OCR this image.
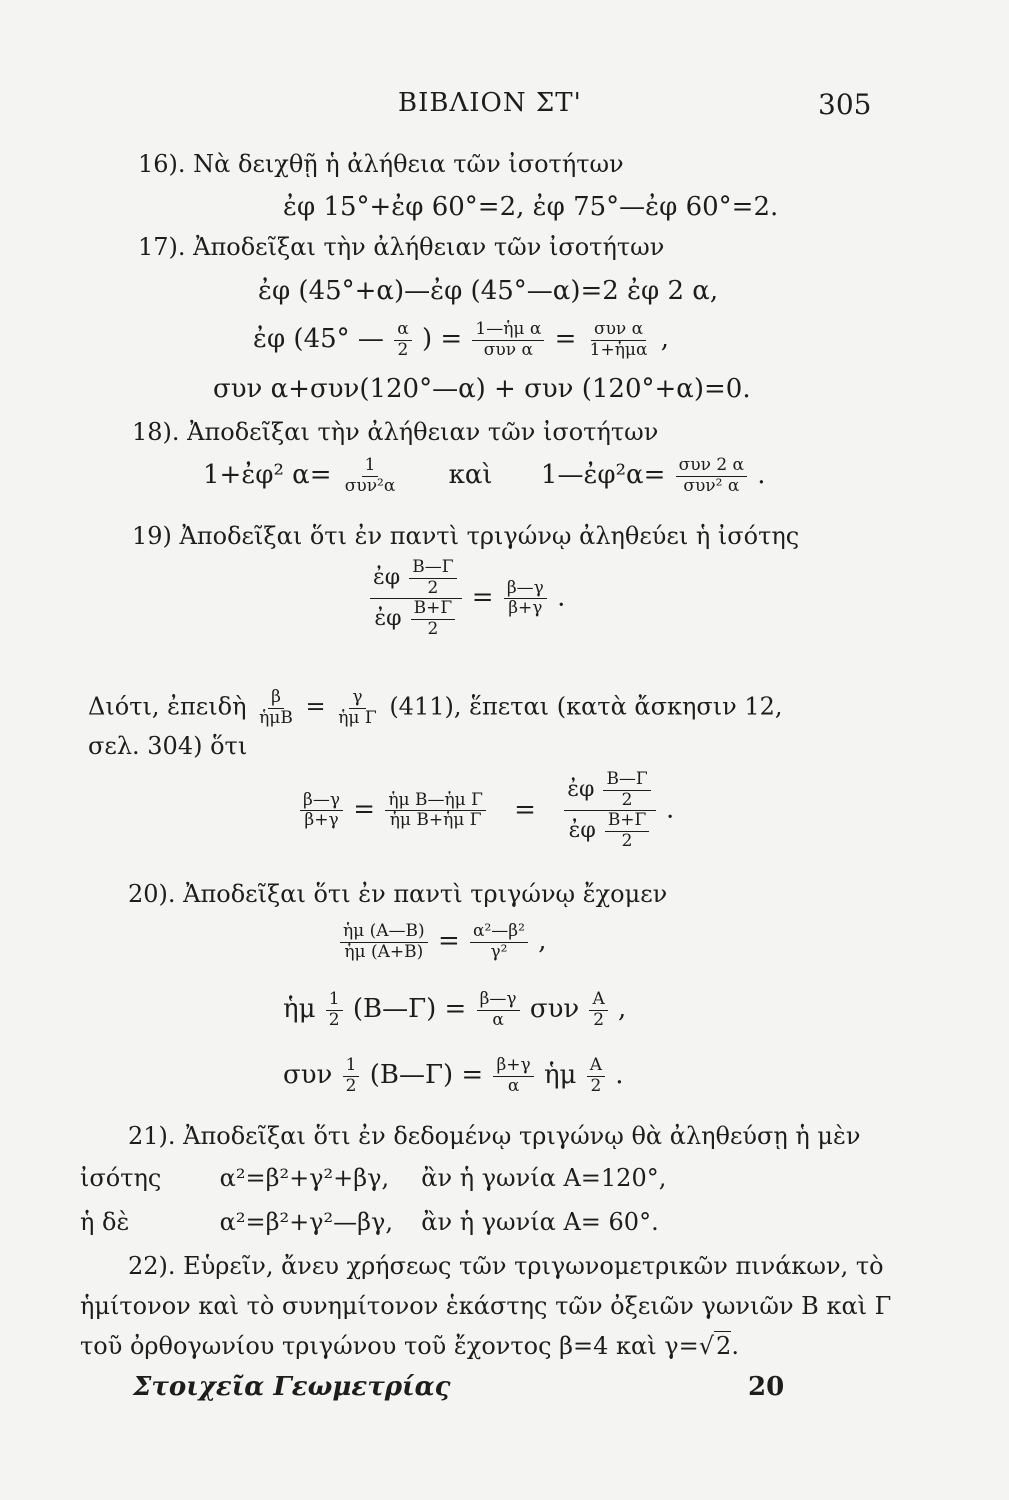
ΒΙΒΛΙΟΝ ΣΤ'	305
16). Νὰ δειχθῇ ἡ ἀλήθεια τῶν ἰσοτήτων
ἐφ 15°+ἐφ 60°=2, ἐφ 75°—ἐφ 60°=2.
17). Ἀποδεῖξαι τὴν ἀλήθειαν τῶν ἰσοτήτων
ἐφ (45°+α)—ἐφ (45°—α)=2 ἐφ 2 α,
ἐφ (45° — $\frac{\alpha}{2}$ ) = 1—ἡμ α
συν α = συν α
1+ἡμα ,
συν α+συν(120°—α) + συν (120°+α)=0.
18). Ἀποδεῖξαι τὴν ἀλήθειαν τῶν ἰσοτήτων
1+ἐφ² α= 1
συν²α καὶ 1—ἐφ²α= συν 2 α
συν² α .
19) Ἀποδεῖξαι ὅτι ἐν παντὶ τριγώνῳ ἀληθεύει ἡ ἰσότης
$\frac{ἐ\varphi \frac{B—\Gamma}{2}}{ἐ\varphi \frac{B+\Gamma}{2}} = \frac{\beta—\gamma}{\beta+\gamma}$ .
Διότι, ἐπειδὴ β
ἡμΒ = $\frac{\gamma}{\text{ἡμ Γ}} (411)$, ἕπεται (κατὰ ἄσκησιν 12,
σελ. 304) ὅτι
$\frac{\beta—\gamma}{\beta+\gamma} = \frac{\text{ἡμ Β—ἡμ Γ}}{\text{ἡμ Β+ἡμ Γ}} = \frac{ἐ\varphi \frac{B—\Gamma}{2}}{ἐ\varphi \frac{B+\Gamma}{2}}$ .
20). Ἀποδεῖξαι ὅτι ἐν παντὶ τριγώνῳ ἔχομεν
$\frac{\text{ἡμ (Α—Β)}}{\text{ἡμ (Α+Β)}} = \frac{\text{α²—β²}}{\text{γ²}}$ ,
ἡμ $\frac{1}{2}$ (Β—Γ) = $\frac{\beta—\gamma}{\alpha}$ συν $\frac{A}{2}$ ,
συν $\frac{1}{2}$ (Β—Γ) = $\frac{\beta+\gamma}{\alpha}$ ἡμ $\frac{A}{2}$ .
21). Ἀποδεῖξαι ὅτι ἐν δεδομένῳ τριγώνῳ θὰ ἀληθεύσῃ ἡ μὲν
ἰσότης α²=β²+γ²+βγ, ἂν ἡ γωνία Α=120°,
ἡ δὲ	α²=β²+γ²—βγ, ἂν ἡ γωνία Α= 60°.
22). Εὑρεῖν, ἄνευ χρήσεως τῶν τριγωνομετρικῶν πινάκων, τὸ
ἡμίτονον καὶ τὸ συνημίτονον ἑκάστης τῶν ὀξειῶν γωνιῶν Β καὶ Γ
τοῦ ὀρθογωνίου τριγώνου τοῦ ἔχοντος β=4 καὶ γ=√2.
Στοιχεῖα Γεωμετρίας	20
